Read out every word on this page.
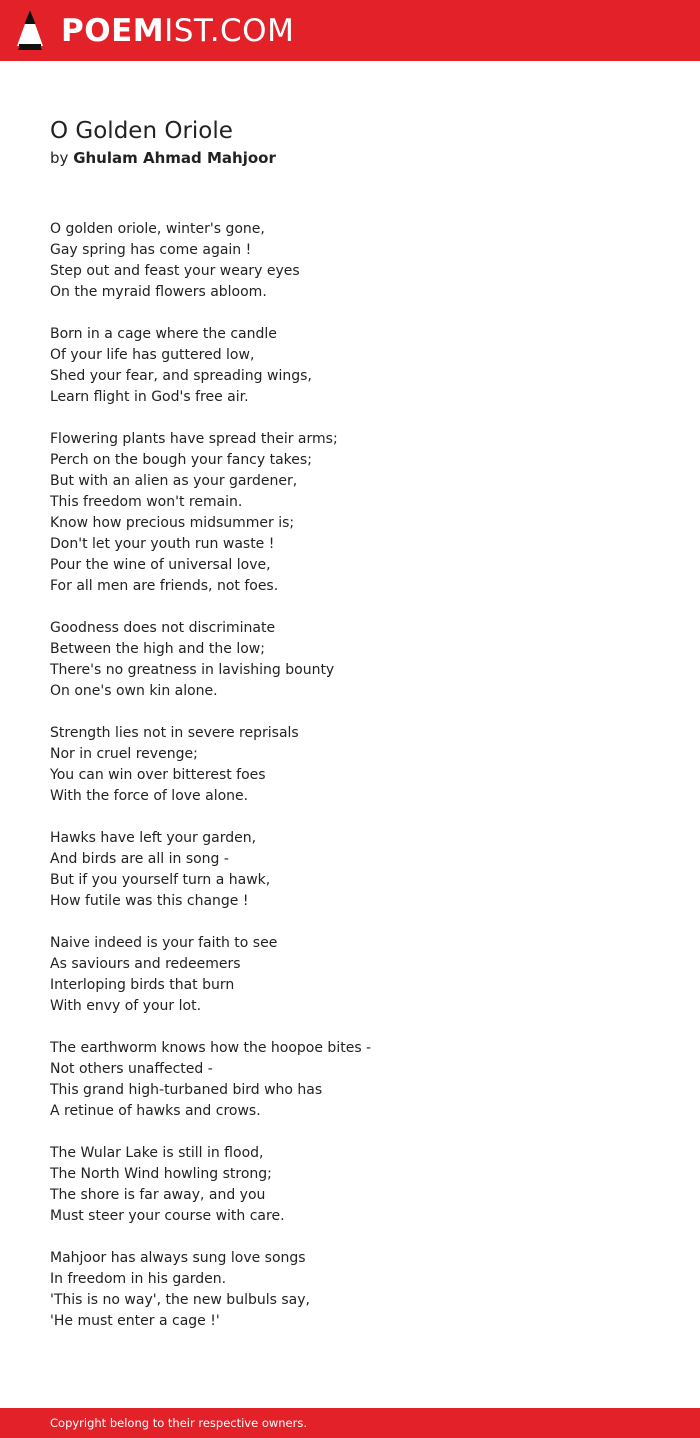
POEMIST.COM
O Golden Oriole
by Ghulam Ahmad Mahjoor
O golden oriole, winter's gone,
Gay spring has come again !
Step out and feast your weary eyes
On the myraid flowers abloom.
Born in a cage where the candle
Of your life has guttered low,
Shed your fear, and spreading wings,
Learn flight in God's free air.
Flowering plants have spread their arms;
Perch on the bough your fancy takes;
But with an alien as your gardener,
This freedom won't remain.
Know how precious midsummer is;
Don't let your youth run waste !
Pour the wine of universal love,
For all men are friends, not foes.
Goodness does not discriminate
Between the high and the low;
There's no greatness in lavishing bounty
On one's own kin alone.
Strength lies not in severe reprisals
Nor in cruel revenge;
You can win over bitterest foes
With the force of love alone.
Hawks have left your garden,
And birds are all in song -
But if you yourself turn a hawk,
How futile was this change !
Naive indeed is your faith to see
As saviours and redeemers
Interloping birds that burn
With envy of your lot.
The earthworm knows how the hoopoe bites -
Not others unaffected -
This grand high-turbaned bird who has
A retinue of hawks and crows.
The Wular Lake is still in flood,
The North Wind howling strong;
The shore is far away, and you
Must steer your course with care.
Mahjoor has always sung love songs
In freedom in his garden.
'This is no way', the new bulbuls say,
'He must enter a cage !'
Copyright belong to their respective owners.
